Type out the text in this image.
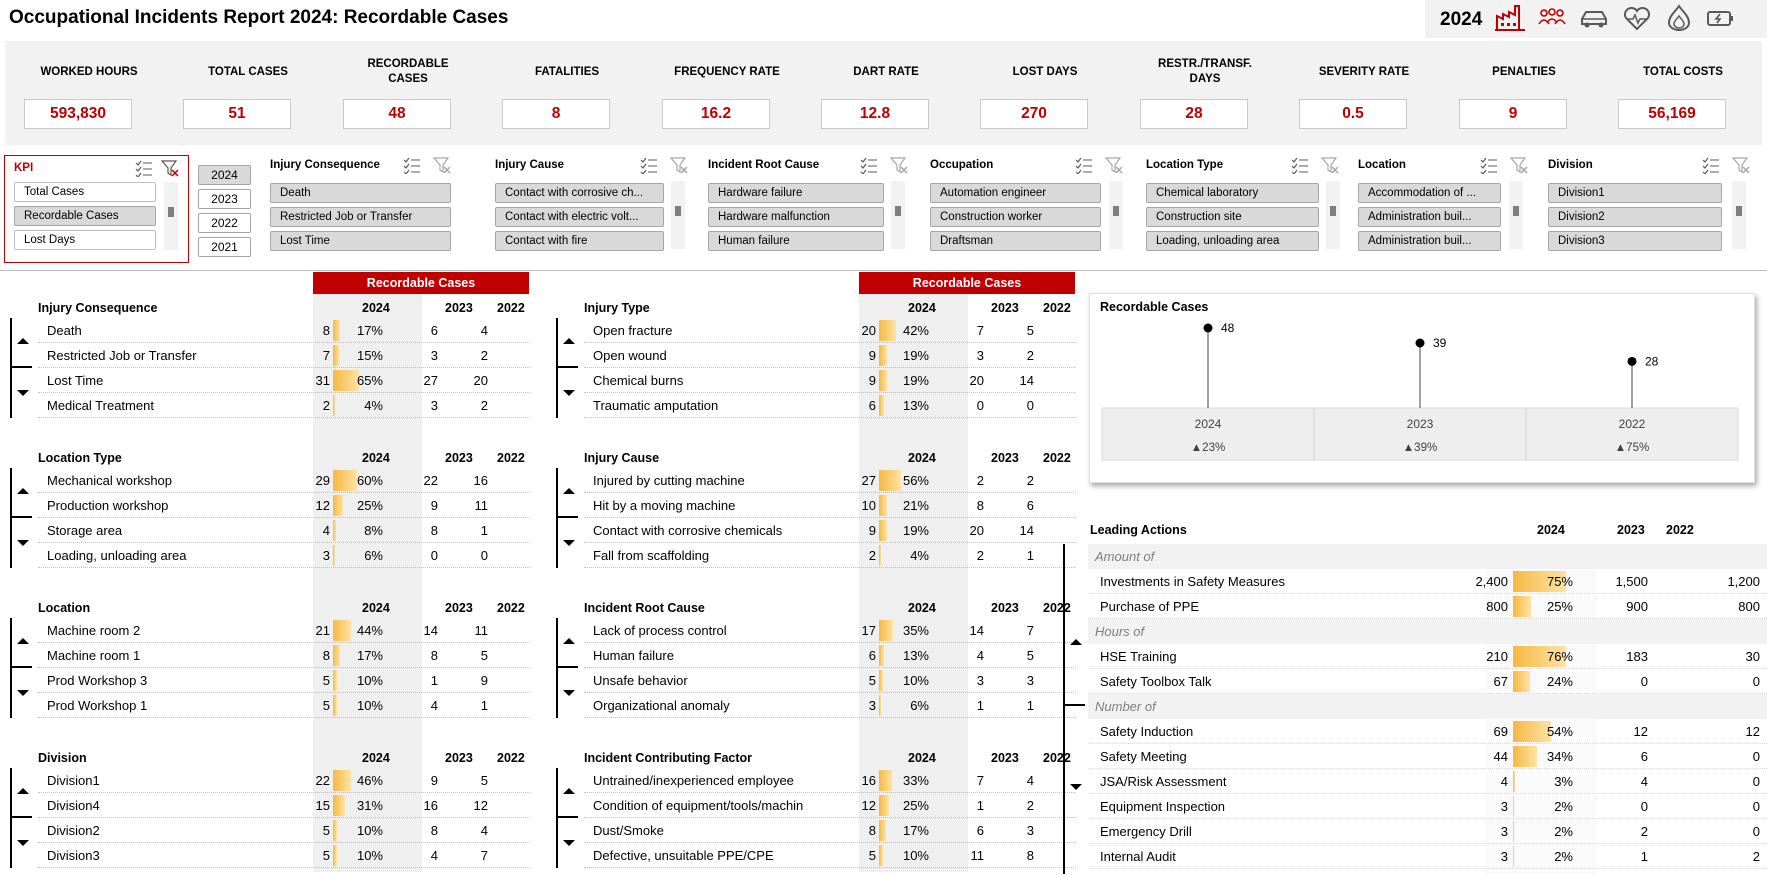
Occupational Incidents Report 2024: Recordable Cases	2024
WORKED HOURS
593,830
TOTAL CASES
51
RECORDABLE CASES
48
FATALITIES
8
FREQUENCY RATE
16.2
DART RATE
12.8
LOST DAYS
270
RESTR./TRANSF. DAYS
28
SEVERITY RATE
0.5
PENALTIES
9
TOTAL COSTS
56,169
KPI
Total Cases
Recordable Cases
Lost Days
2024
2023
2022
2021
Injury Consequence
Death
Restricted Job or Transfer
Lost Time
Injury Cause
Contact with corrosive ch...
Contact with electric volt...
Contact with fire
Incident Root Cause
Hardware failure
Hardware malfunction
Human failure
Occupation
Automation engineer
Construction worker
Draftsman
Location Type
Chemical laboratory
Construction site
Loading, unloading area
Location
Accommodation of ...
Administration buil...
Administration buil...
Division
Division1
Division2
Division3
Recordable Cases
Injury Consequence	2024	2023 2022
Death	8	17%	6	4
Restricted Job or Transfer	7	15%	3	2
Lost Time	31	65%	27	20
Medical Treatment	2	4%	3	2
Location Type	2024	2023 2022
Mechanical workshop	29	60%	22	16
Production workshop	12	25%	9	11
Storage area	4	8%	8	1
Loading, unloading area	3	6%	0	0
Location	2024	2023 2022
Machine room 2	21	44%	14	11
Machine room 1	8	17%	8	5
Prod Workshop 3	5	10%	1	9
Prod Workshop 1	5	10%	4	1
Division	2024	2023 2022
Division1	22	46%	9	5
Division4	15	31%	16	12
Division2	5	10%	8	4
Division3	5	10%	4	7
Recordable Cases
Injury Type	2024	2023 2022
Open fracture	20	42%	7	5
Open wound	9	19%	3	2
Chemical burns	9	19%	20	14
Traumatic amputation	6	13%	0	0
Injury Cause	2024	2023 2022
Injured by cutting machine	27	56%	2	2
Hit by a moving machine	10	21%	8	6
Contact with corrosive chemicals	9	19%	20	14
Fall from scaffolding	2	4%	2	1
Incident Root Cause	2024	2023 2022
Lack of process control	17	35%	14	7
Human failure	6	13%	4	5
Unsafe behavior	5	10%	3	3
Organizational anomaly	3	6%	1	1
Incident Contributing Factor	2024	2023 2022
Untrained/inexperienced employee	16	33%	7	4
Condition of equipment/tools/machin	12	25%	1	2
Dust/Smoke	8	17%	6	3
Defective, unsuitable PPE/CPE	5	10%	11	8
Recordable Cases
48
2024
▲23%
39
2023
▲39%
28
2022
▲75%
Leading Actions	2024	2023 2022
Amount of
Investments in Safety Measures	2,400	75%	1,500	1,200
Purchase of PPE	800	25%	900	800
Hours of
HSE Training	210	76%	183	30
Safety Toolbox Talk	67	24%	0	0
Number of
Safety Induction	69	54%	12	12
Safety Meeting	44	34%	6	0
JSA/Risk Assessment	4	3%	4	0
Equipment Inspection	3	2%	0	0
Emergency Drill	3	2%	2	0
Internal Audit	3	2%	1	2
